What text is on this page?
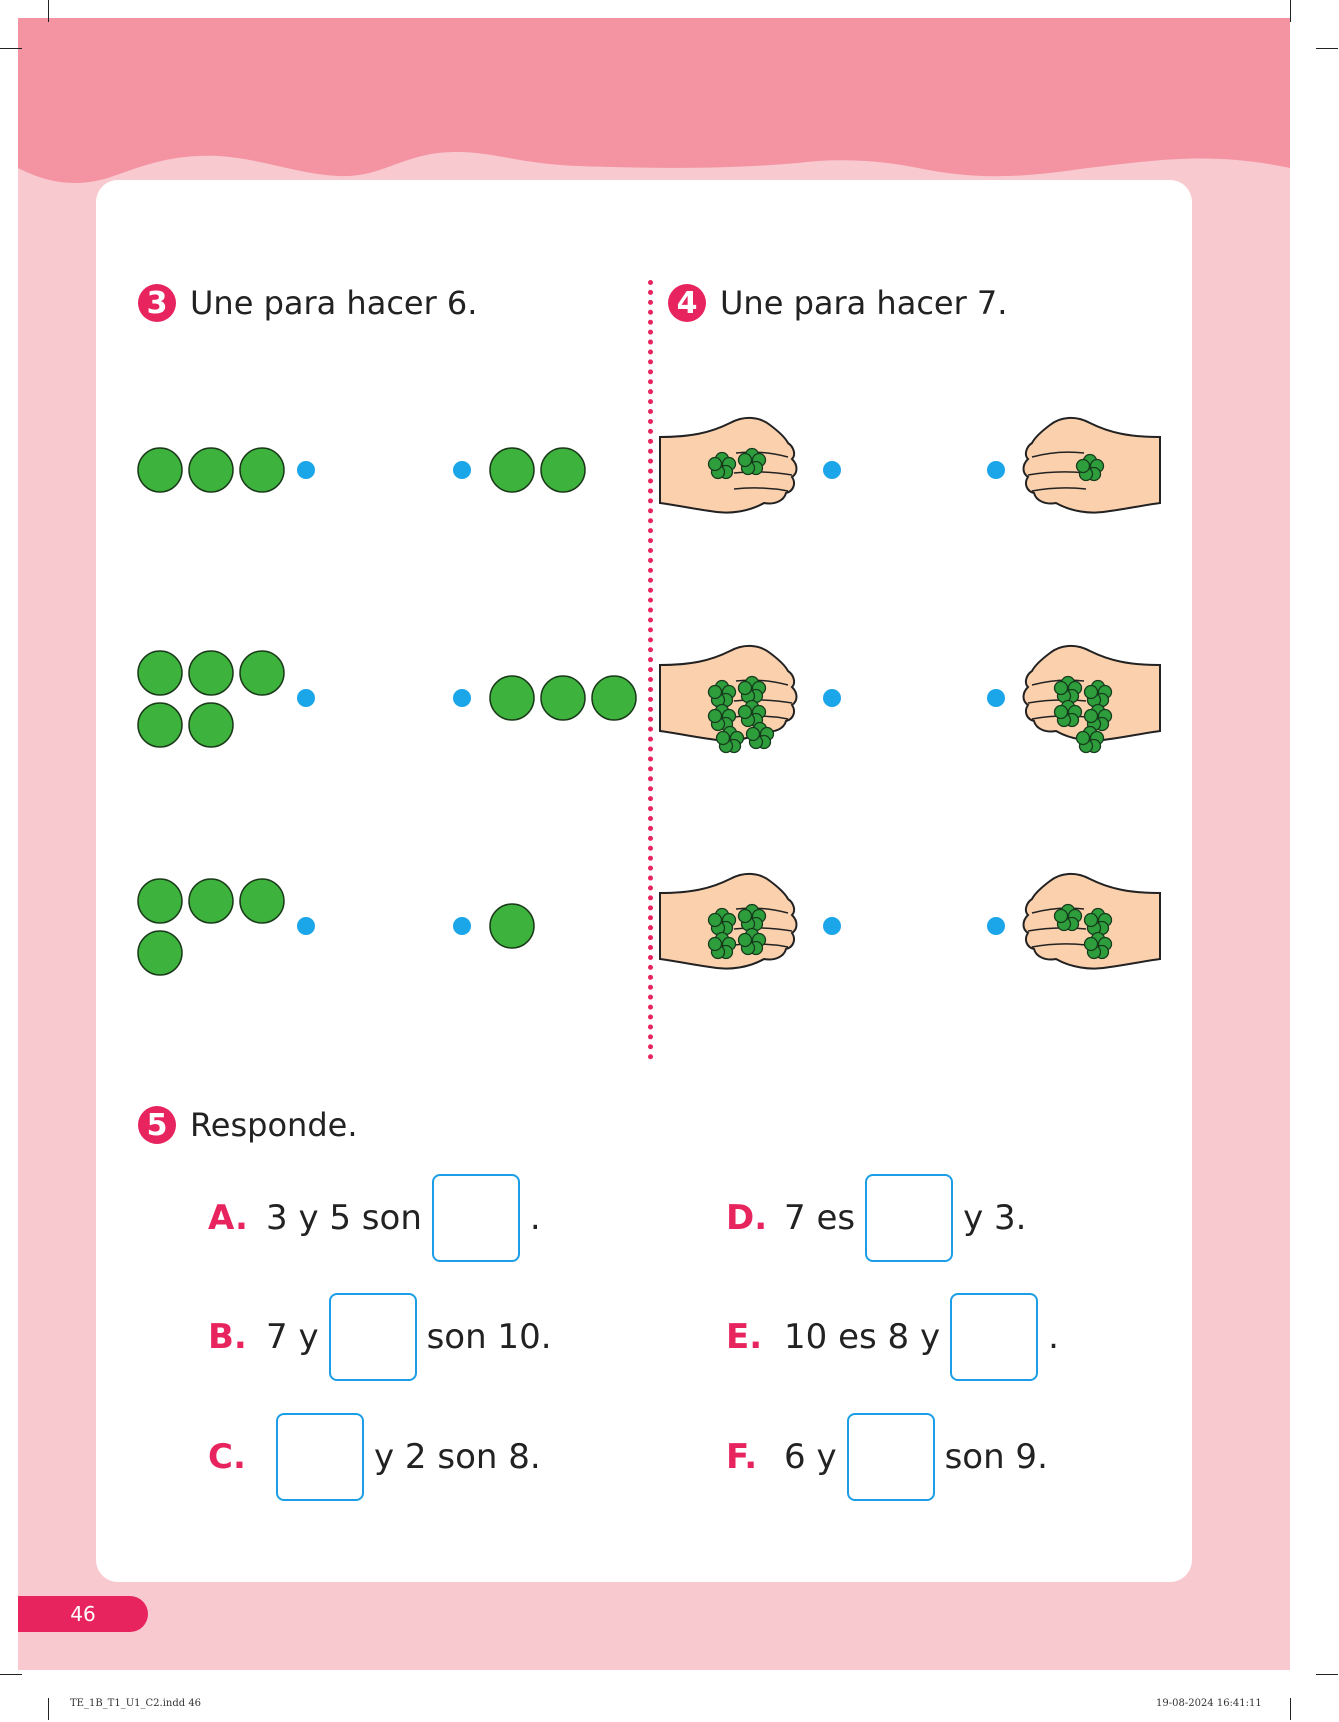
3 Une para hacer 6.	4 Une para hacer 7.
5 Responde.
A. 3 y 5 son	.
B. 7 y	son 10.
C.	y 2 son 8.
D. 7 es	y 3.
E. 10 es 8 y	.
F. 6 y	son 9.
46
TE_1B_T1_U1_C2.indd 46	19-08-2024 16:41:11
